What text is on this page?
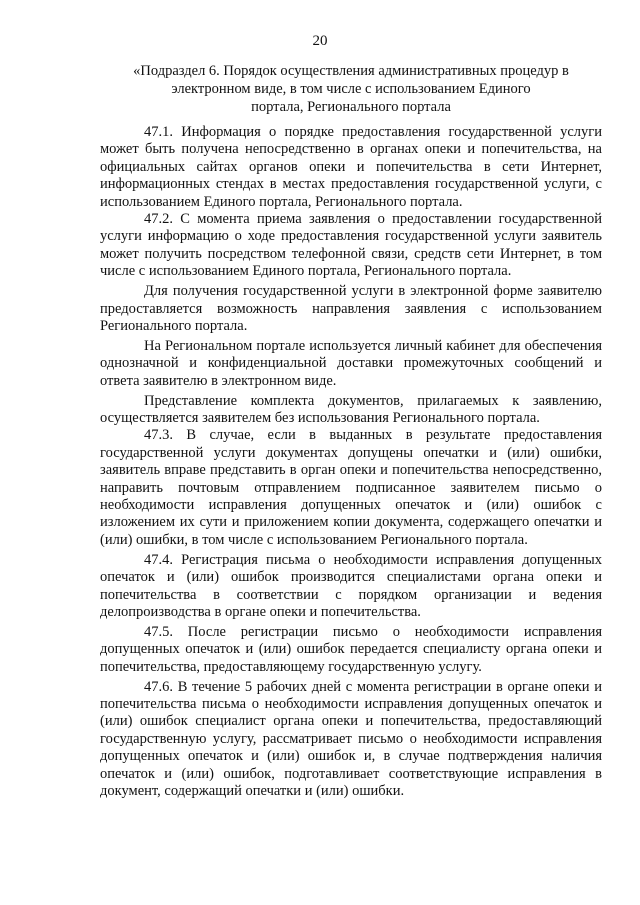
20
«Подраздел 6. Порядок осуществления административных процедур в
электронном виде, в том числе с использованием Единого
портала, Регионального портала

47.1. Информация о порядке предоставления государственной услуги может быть получена непосредственно в органах опеки и попечительства, на официальных сайтах органов опеки и попечительства в сети Интернет, информационных стендах в местах предоставления государственной услуги, с использованием Единого портала, Регионального портала.

47.2. С момента приема заявления о предоставлении государственной услуги информацию о ходе предоставления государственной услуги заявитель может получить посредством телефонной связи, средств сети Интернет, в том числе с использованием Единого портала, Регионального портала.

Для получения государственной услуги в электронной форме заявителю предоставляется возможность направления заявления с использованием Регионального портала.

На Региональном портале используется личный кабинет для обеспечения однозначной и конфиденциальной доставки промежуточных сообщений и ответа заявителю в электронном виде.

Представление комплекта документов, прилагаемых к заявлению, осуществляется заявителем без использования Регионального портала.

47.3. В случае, если в выданных в результате предоставления государственной услуги документах допущены опечатки и (или) ошибки, заявитель вправе представить в орган опеки и попечительства непосредственно, направить почтовым отправлением подписанное заявителем письмо о необходимости исправления допущенных опечаток и (или) ошибок с изложением их сути и приложением копии документа, содержащего опечатки и (или) ошибки, в том числе с использованием Регионального портала.

47.4. Регистрация письма о необходимости исправления допущенных опечаток и (или) ошибок производится специалистами органа опеки и попечительства в соответствии с порядком организации и ведения делопроизводства в органе опеки и попечительства.

47.5. После регистрации письмо о необходимости исправления допущенных опечаток и (или) ошибок передается специалисту органа опеки и попечительства, предоставляющему государственную услугу.

47.6. В течение 5 рабочих дней с момента регистрации в органе опеки и попечительства письма о необходимости исправления допущенных опечаток и (или) ошибок специалист органа опеки и попечительства, предоставляющий государственную услугу, рассматривает письмо о необходимости исправления допущенных опечаток и (или) ошибок и, в случае подтверждения наличия опечаток и (или) ошибок, подготавливает соответствующие исправления в документ, содержащий опечатки и (или) ошибки.
